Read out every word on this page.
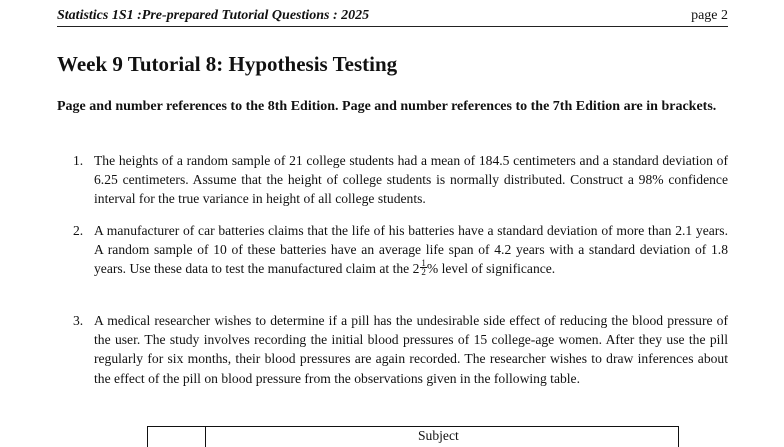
Statistics 1S1 :Pre-prepared Tutorial Questions : 2025	page 2
Week 9 Tutorial 8: Hypothesis Testing

Page and number references to the 8th Edition. Page and number references to the 7th Edition are in brackets.

1. The heights of a random sample of 21 college students had a mean of 184.5 centimeters and a standard deviation of 6.25 centimeters. Assume that the height of college students is normally distributed. Construct a 98% confidence interval for the true variance in height of all college students.
2. A manufacturer of car batteries claims that the life of his batteries have a standard deviation of more than 2.1 years. A random sample of 10 of these batteries have an average life span of 4.2 years with a standard deviation of 1.8 years. Use these data to test the manufactured claim at the $2 \frac{1}{2}$ % level of significance.
3. A medical researcher wishes to determine if a pill has the undesirable side effect of reducing the blood pressure of the user. The study involves recording the initial blood pressures of 15 college-age women. After they use the pill regularly for six months, their blood pressures are again recorded. The researcher wishes to draw inferences about the effect of the pill on blood pressure from the observations given in the following table.
Subject
